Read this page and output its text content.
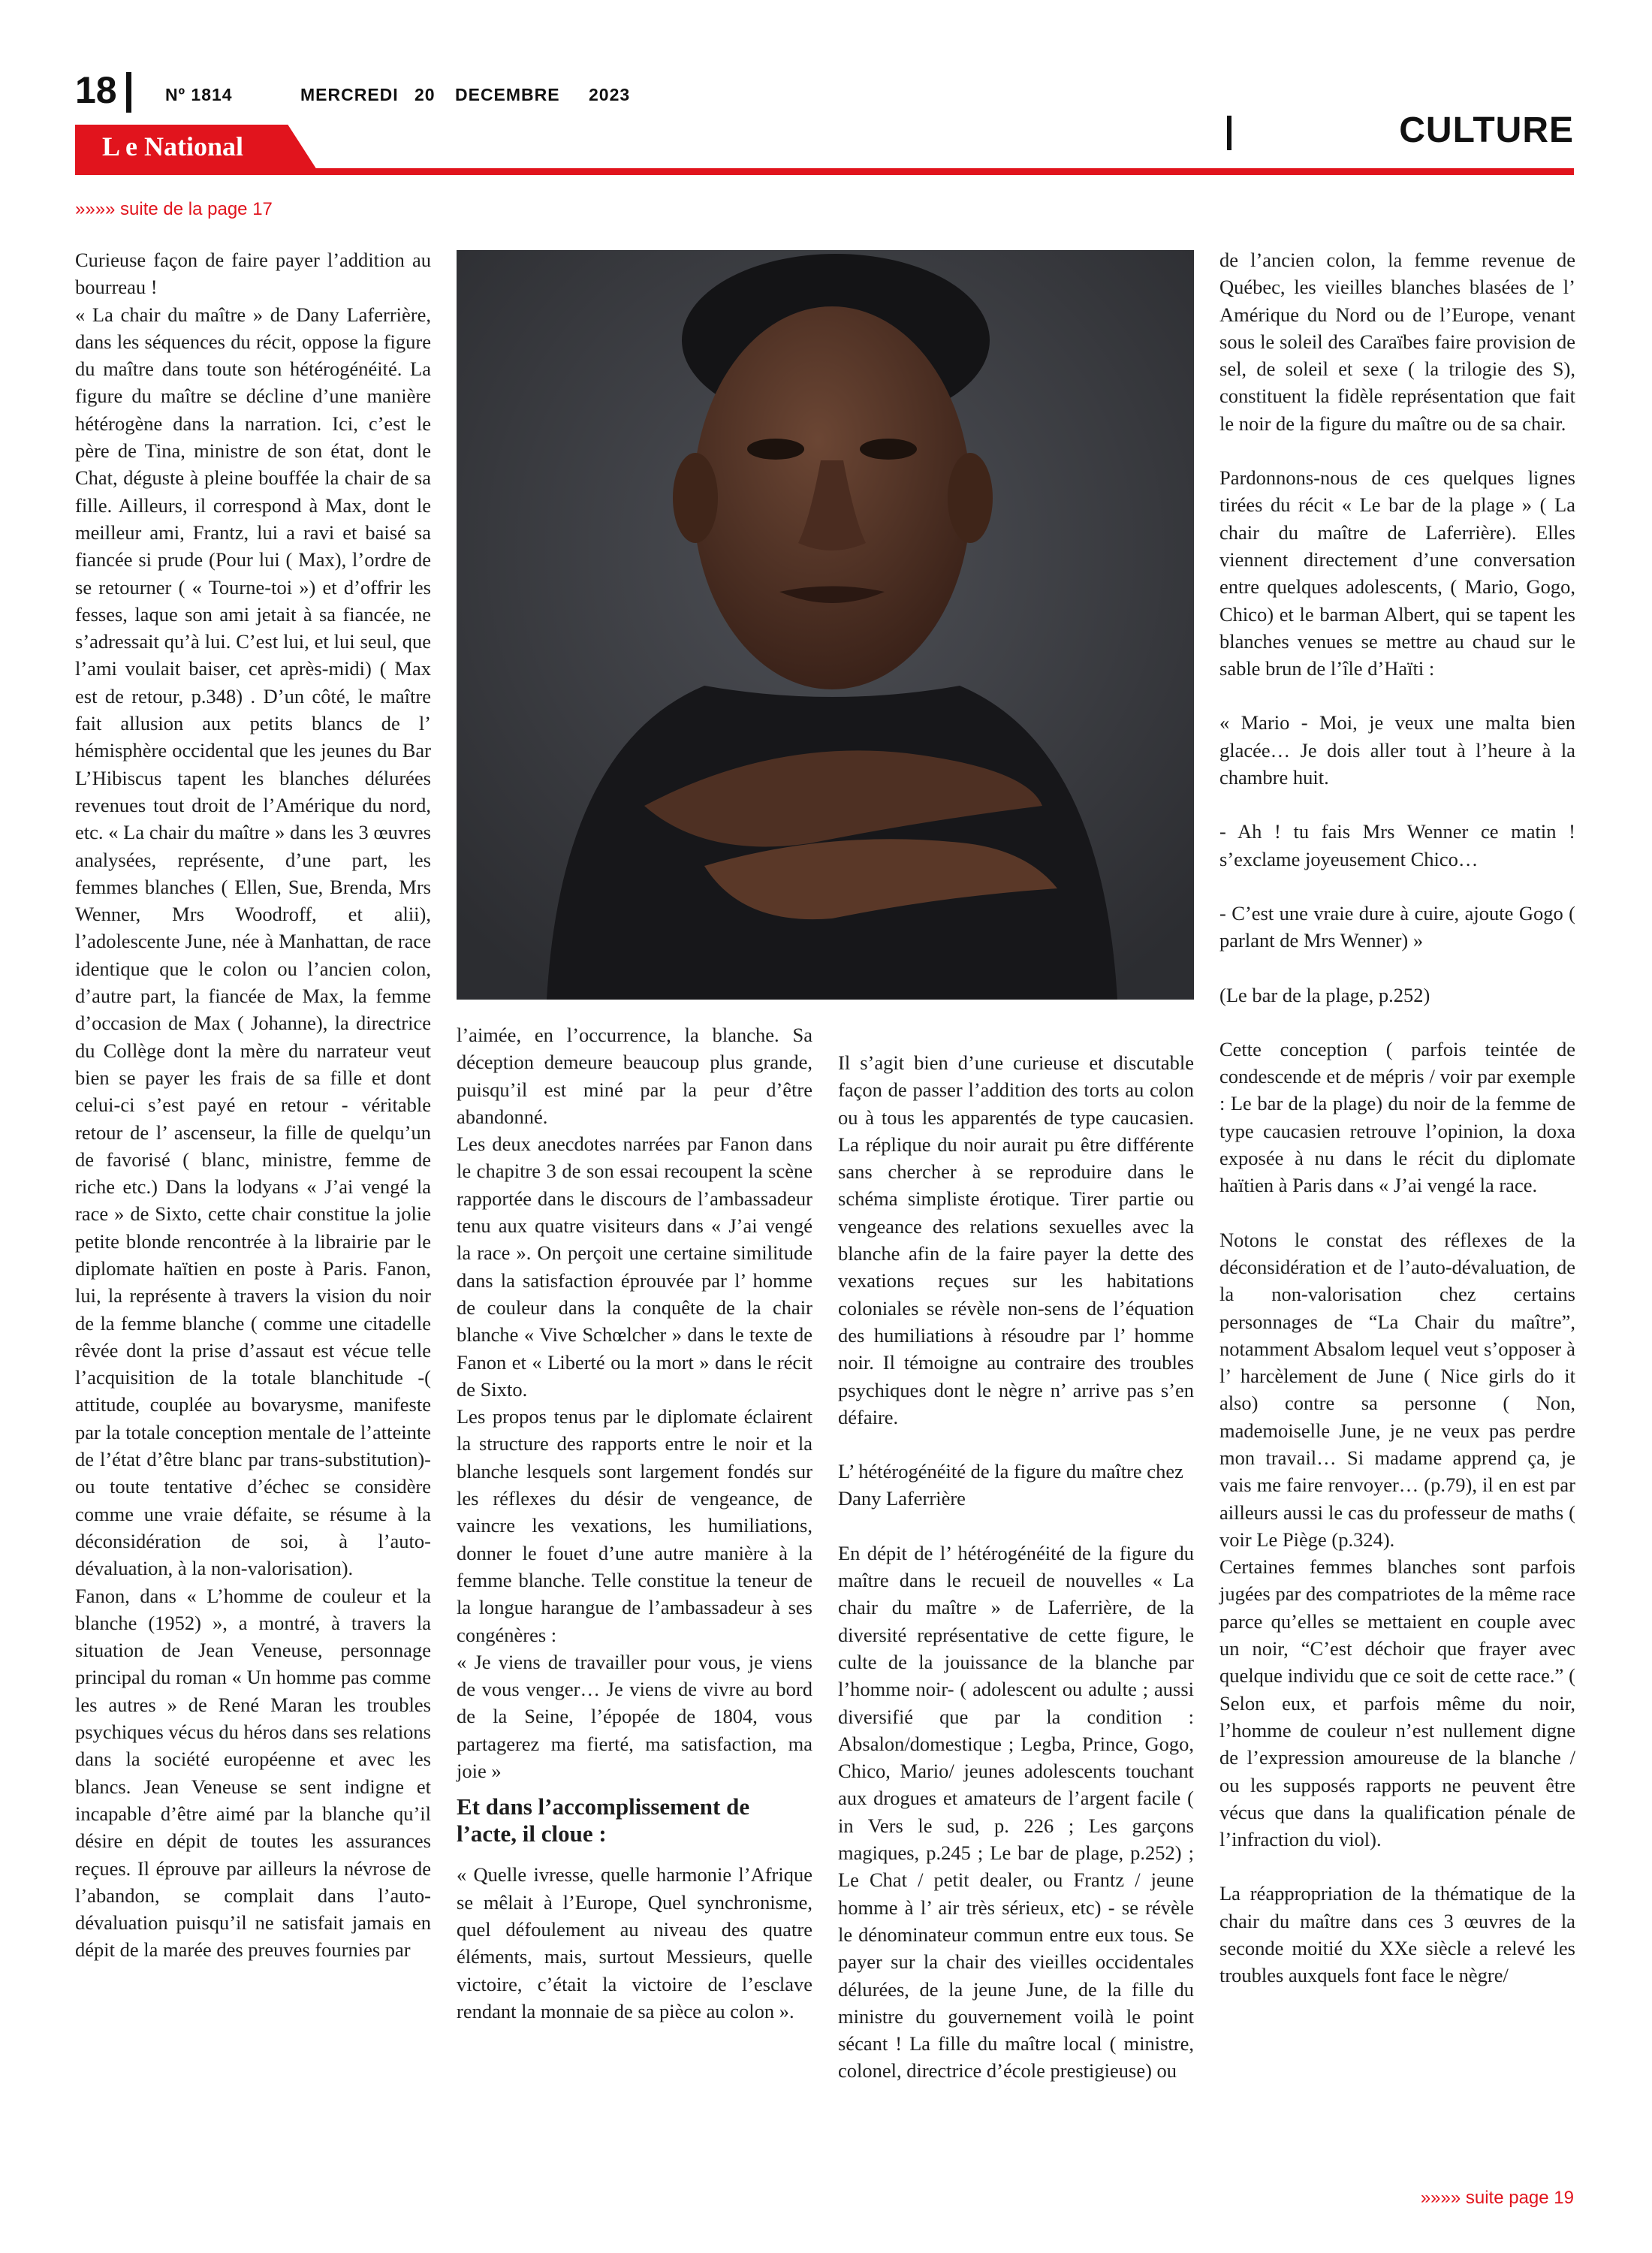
18	Nº 1814	MERCREDI 20 DECEMBRE 2023
CULTURE
L e National
»»»» suite de la page 17

Curieuse façon de faire payer l’addition au bourreau !

« La chair du maître » de Dany Laferrière, dans les séquences du récit, oppose la figure du maître dans toute son hétérogénéité. La figure du maître se décline d’une manière hétérogène dans la narration. Ici, c’est le père de Tina, ministre de son état, dont le Chat, déguste à pleine bouffée la chair de sa fille. Ailleurs, il correspond à Max, dont le meilleur ami, Frantz, lui a ravi et baisé sa fiancée si prude (Pour lui ( Max), l’ordre de se retourner ( « Tourne-toi ») et d’offrir les fesses, laque son ami jetait à sa fiancée, ne s’adressait qu’à lui. C’est lui, et lui seul, que l’ami voulait baiser, cet après-midi) ( Max est de retour, p.348) . D’un côté, le maître fait allusion aux petits blancs de l’ hémisphère occidental que les jeunes du Bar L’Hibiscus tapent les blanches délurées revenues tout droit de l’Amérique du nord, etc. « La chair du maître » dans les 3 œuvres analysées, représente, d’une part, les femmes blanches ( Ellen, Sue, Brenda, Mrs Wenner, Mrs Woodroff, et alii), l’adolescente June, née à Manhattan, de race identique que le colon ou l’ancien colon, d’autre part, la fiancée de Max, la femme d’occasion de Max ( Johanne), la directrice du Collège dont la mère du narrateur veut bien se payer les frais de sa fille et dont celui-ci s’est payé en retour - véritable retour de l’ ascenseur, la fille de quelqu’un de favorisé ( blanc, ministre, femme de riche etc.) Dans la lodyans « J’ai vengé la race » de Sixto, cette chair constitue la jolie petite blonde rencontrée à la librairie par le diplomate haïtien en poste à Paris. Fanon, lui, la représente à travers la vision du noir de la femme blanche ( comme une citadelle rêvée dont la prise d’assaut est vécue telle l’acquisition de la totale blanchitude -( attitude, couplée au bovarysme, manifeste par la totale conception mentale de l’atteinte de l’état d’être blanc par trans-substitution)- ou toute tentative d’échec se considère comme une vraie défaite, se résume à la déconsidération de soi, à l’auto- dévaluation, à la non-valorisation).

Fanon, dans « L’homme de couleur et la blanche (1952) », a montré, à travers la situation de Jean Veneuse, personnage principal du roman « Un homme pas comme les autres » de René Maran les troubles psychiques vécus du héros dans ses relations dans la société européenne et avec les blancs. Jean Veneuse se sent indigne et incapable d’être aimé par la blanche qu’il désire en dépit de toutes les assurances reçues. Il éprouve par ailleurs la névrose de l’abandon, se complait dans l’auto-dévaluation puisqu’il ne satisfait jamais en dépit de la marée des preuves fournies par

l’aimée, en l’occurrence, la blanche. Sa déception demeure beaucoup plus grande, puisqu’il est miné par la peur d’être abandonné.

Les deux anecdotes narrées par Fanon dans le chapitre 3 de son essai recoupent la scène rapportée dans le discours de l’ambassadeur tenu aux quatre visiteurs dans « J’ai vengé la race ». On perçoit une certaine similitude dans la satisfaction éprouvée par l’ homme de couleur dans la conquête de la chair blanche « Vive Schœlcher » dans le texte de Fanon et « Liberté ou la mort » dans le récit de Sixto.

Les propos tenus par le diplomate éclairent la structure des rapports entre le noir et la blanche lesquels sont largement fondés sur les réflexes du désir de vengeance, de vaincre les vexations, les humiliations, donner le fouet d’une autre manière à la femme blanche. Telle constitue la teneur de la longue harangue de l’ambassadeur à ses congénères :

« Je viens de travailler pour vous, je viens de vous venger… Je viens de vivre au bord de la Seine, l’épopée de 1804, vous partagerez ma fierté, ma satisfaction, ma joie »

Et dans l’accomplissement de l’acte, il cloue :

« Quelle ivresse, quelle harmonie l’Afrique se mêlait à l’Europe, Quel synchronisme, quel défoulement au niveau des quatre éléments, mais, surtout Messieurs, quelle victoire, c’était la victoire de l’esclave rendant la monnaie de sa pièce au colon ».

Il s’agit bien d’une curieuse et discutable façon de passer l’addition des torts au colon ou à tous les apparentés de type caucasien. La réplique du noir aurait pu être différente sans chercher à se reproduire dans le schéma simpliste érotique. Tirer partie ou vengeance des relations sexuelles avec la blanche afin de la faire payer la dette des vexations reçues sur les habitations coloniales se révèle non-sens de l’équation des humiliations à résoudre par l’ homme noir. Il témoigne au contraire des troubles psychiques dont le nègre n’ arrive pas s’en défaire.

L’ hétérogénéité de la figure du maître chez Dany Laferrière

En dépit de l’ hétérogénéité de la figure du maître dans le recueil de nouvelles « La chair du maître » de Laferrière, de la diversité représentative de cette figure, le culte de la jouissance de la blanche par l’homme noir- ( adolescent ou adulte ; aussi diversifié que par la condition : Absalon/domestique ; Legba, Prince, Gogo, Chico, Mario/ jeunes adolescents touchant aux drogues et amateurs de l’argent facile ( in Vers le sud, p. 226 ; Les garçons magiques, p.245 ; Le bar de plage, p.252) ; Le Chat / petit dealer, ou Frantz / jeune homme à l’ air très sérieux, etc) - se révèle le dénominateur commun entre eux tous. Se payer sur la chair des vieilles occidentales délurées, de la jeune June, de la fille du ministre du gouvernement voilà le point sécant ! La fille du maître local ( ministre, colonel, directrice d’école prestigieuse) ou

de l’ancien colon, la femme revenue de Québec, les vieilles blanches blasées de l’ Amérique du Nord ou de l’Europe, venant sous le soleil des Caraïbes faire provision de sel, de soleil et sexe ( la trilogie des S), constituent la fidèle représentation que fait le noir de la figure du maître ou de sa chair.

Pardonnons-nous de ces quelques lignes tirées du récit « Le bar de la plage » ( La chair du maître de Laferrière). Elles viennent directement d’une conversation entre quelques adolescents, ( Mario, Gogo, Chico) et le barman Albert, qui se tapent les blanches venues se mettre au chaud sur le sable brun de l’île d’Haïti :

« Mario - Moi, je veux une malta bien glacée… Je dois aller tout à l’heure à la chambre huit.

- Ah ! tu fais Mrs Wenner ce matin ! s’exclame joyeusement Chico…

- C’est une vraie dure à cuire, ajoute Gogo ( parlant de Mrs Wenner) »

(Le bar de la plage, p.252)

Cette conception ( parfois teintée de condescende et de mépris / voir par exemple : Le bar de la plage) du noir de la femme de type caucasien retrouve l’opinion, la doxa exposée à nu dans le récit du diplomate haïtien à Paris dans « J’ai vengé la race.

Notons le constat des réflexes de la déconsidération et de l’auto-dévaluation, de la non-valorisation chez certains personnages de “La Chair du maître”, notamment Absalom lequel veut s’opposer à l’ harcèlement de June ( Nice girls do it also) contre sa personne ( Non, mademoiselle June, je ne veux pas perdre mon travail… Si madame apprend ça, je vais me faire renvoyer… (p.79), il en est par ailleurs aussi le cas du professeur de maths ( voir Le Piège (p.324).

Certaines femmes blanches sont parfois jugées par des compatriotes de la même race parce qu’elles se mettaient en couple avec un noir, “C’est déchoir que frayer avec quelque individu que ce soit de cette race.” ( Selon eux, et parfois même du noir, l’homme de couleur n’est nullement digne de l’expression amoureuse de la blanche / ou les supposés rapports ne peuvent être vécus que dans la qualification pénale de l’infraction du viol).

La réappropriation de la thématique de la chair du maître dans ces 3 œuvres de la seconde moitié du XXe siècle a relevé les troubles auxquels font face le nègre/

»»»» suite page 19
